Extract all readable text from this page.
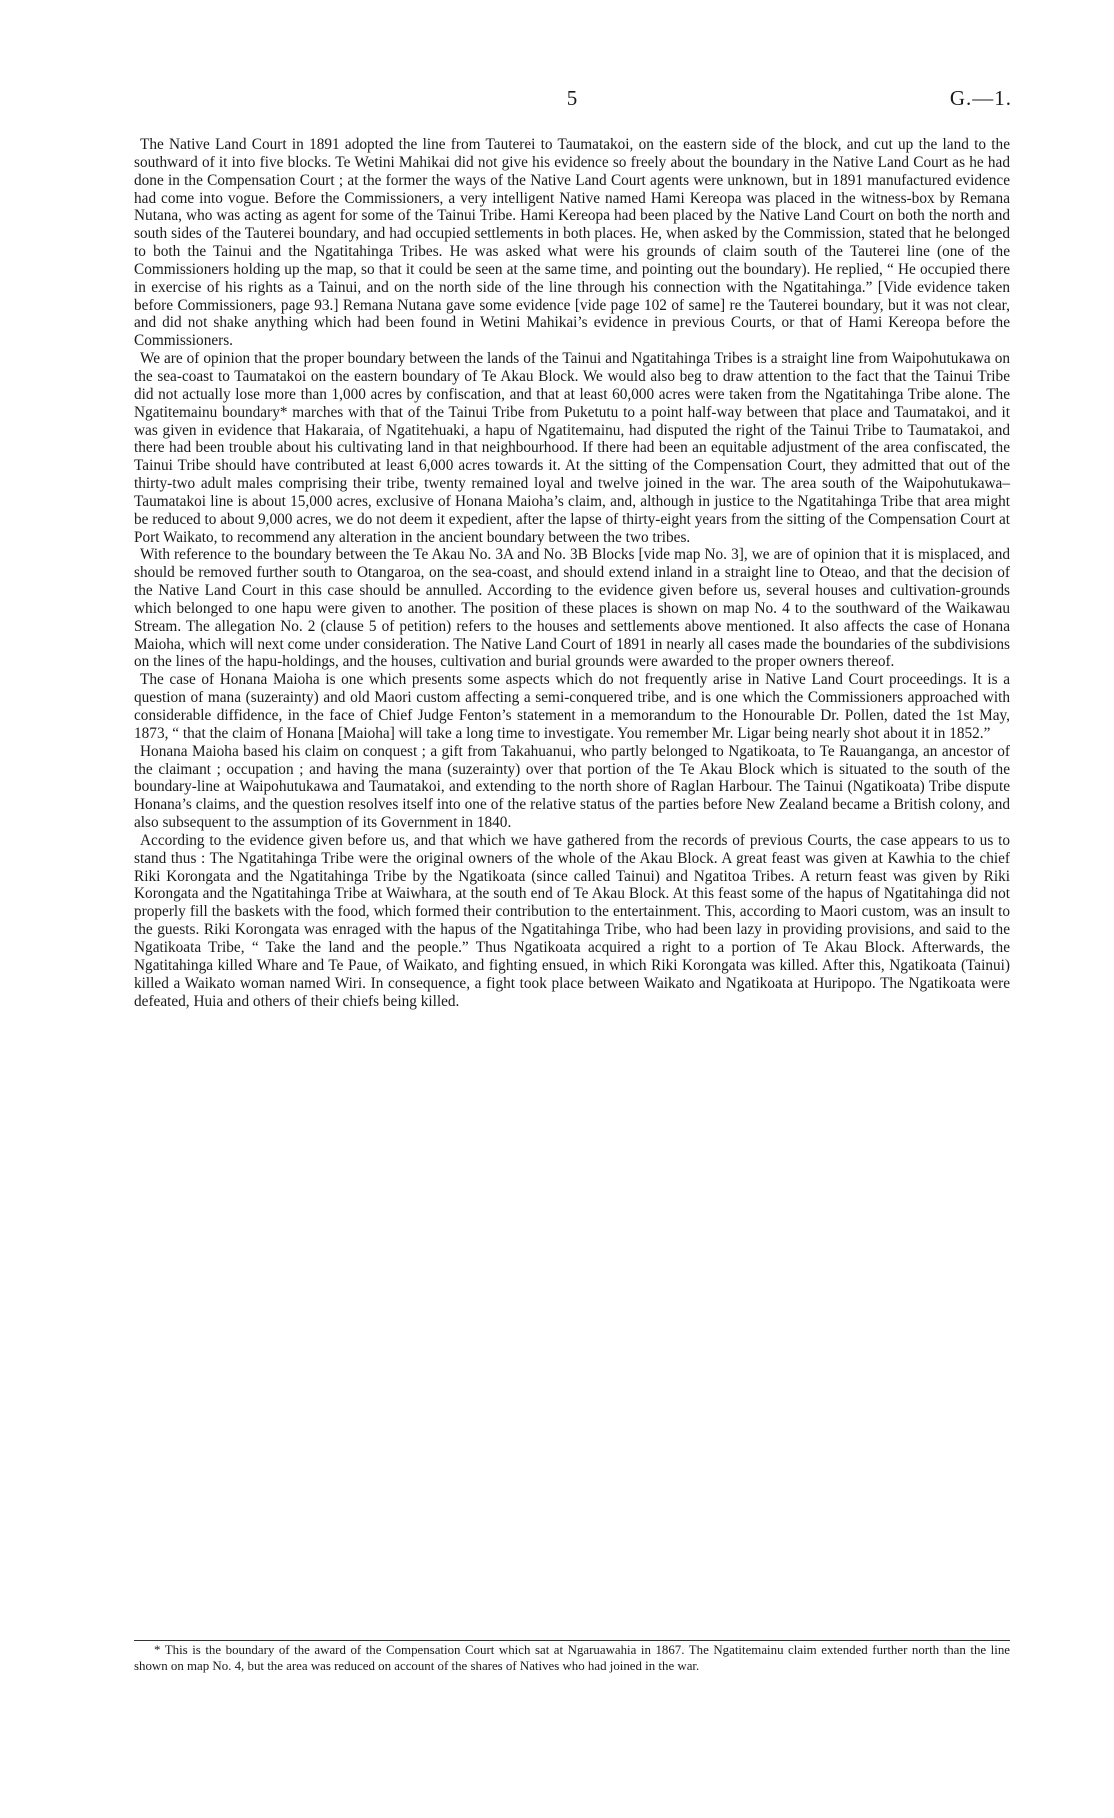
5	G.—1.

The Native Land Court in 1891 adopted the line from Tauterei to Taumatakoi, on the eastern side of the block, and cut up the land to the southward of it into five blocks. Te Wetini Mahikai did not give his evidence so freely about the boundary in the Native Land Court as he had done in the Compensation Court ; at the former the ways of the Native Land Court agents were unknown, but in 1891 manufactured evidence had come into vogue. Before the Commissioners, a very intelligent Native named Hami Kereopa was placed in the witness-box by Remana Nutana, who was acting as agent for some of the Tainui Tribe. Hami Kereopa had been placed by the Native Land Court on both the north and south sides of the Tauterei boundary, and had occupied settlements in both places. He, when asked by the Commission, stated that he belonged to both the Tainui and the Ngatitahinga Tribes. He was asked what were his grounds of claim south of the Tauterei line (one of the Commissioners holding up the map, so that it could be seen at the same time, and pointing out the boundary). He replied, “ He occupied there in exercise of his rights as a Tainui, and on the north side of the line through his connection with the Ngatitahinga.” [Vide evidence taken before Commissioners, page 93.] Remana Nutana gave some evidence [vide page 102 of same] re the Tauterei boundary, but it was not clear, and did not shake anything which had been found in Wetini Mahikai’s evidence in previous Courts, or that of Hami Kereopa before the Commissioners.

We are of opinion that the proper boundary between the lands of the Tainui and Ngatitahinga Tribes is a straight line from Waipohutukawa on the sea-coast to Taumatakoi on the eastern boundary of Te Akau Block. We would also beg to draw attention to the fact that the Tainui Tribe did not actually lose more than 1,000 acres by confiscation, and that at least 60,000 acres were taken from the Ngatitahinga Tribe alone. The Ngatitemainu boundary* marches with that of the Tainui Tribe from Puketutu to a point half-way between that place and Taumatakoi, and it was given in evidence that Hakaraia, of Ngatitehuaki, a hapu of Ngatitemainu, had disputed the right of the Tainui Tribe to Taumatakoi, and there had been trouble about his cultivating land in that neighbourhood. If there had been an equitable adjustment of the area confiscated, the Tainui Tribe should have contributed at least 6,000 acres towards it. At the sitting of the Compensation Court, they admitted that out of the thirty-two adult males comprising their tribe, twenty remained loyal and twelve joined in the war. The area south of the Waipohutukawa–Taumatakoi line is about 15,000 acres, exclusive of Honana Maioha’s claim, and, although in justice to the Ngatitahinga Tribe that area might be reduced to about 9,000 acres, we do not deem it expedient, after the lapse of thirty-eight years from the sitting of the Compensation Court at Port Waikato, to recommend any alteration in the ancient boundary between the two tribes.

With reference to the boundary between the Te Akau No. 3A and No. 3B Blocks [vide map No. 3], we are of opinion that it is misplaced, and should be removed further south to Otangaroa, on the sea-coast, and should extend inland in a straight line to Oteao, and that the decision of the Native Land Court in this case should be annulled. According to the evidence given before us, several houses and cultivation-grounds which belonged to one hapu were given to another. The position of these places is shown on map No. 4 to the southward of the Waikawau Stream. The allegation No. 2 (clause 5 of petition) refers to the houses and settlements above mentioned. It also affects the case of Honana Maioha, which will next come under consideration. The Native Land Court of 1891 in nearly all cases made the boundaries of the subdivisions on the lines of the hapu-holdings, and the houses, cultivation and burial grounds were awarded to the proper owners thereof.

The case of Honana Maioha is one which presents some aspects which do not frequently arise in Native Land Court proceedings. It is a question of mana (suzerainty) and old Maori custom affecting a semi-conquered tribe, and is one which the Commissioners approached with considerable diffidence, in the face of Chief Judge Fenton’s statement in a memorandum to the Honourable Dr. Pollen, dated the 1st May, 1873, “ that the claim of Honana [Maioha] will take a long time to investigate. You remember Mr. Ligar being nearly shot about it in 1852.”

Honana Maioha based his claim on conquest ; a gift from Takahuanui, who partly belonged to Ngatikoata, to Te Rauanganga, an ancestor of the claimant ; occupation ; and having the mana (suzerainty) over that portion of the Te Akau Block which is situated to the south of the boundary-line at Waipohutukawa and Taumatakoi, and extending to the north shore of Raglan Harbour. The Tainui (Ngatikoata) Tribe dispute Honana’s claims, and the question resolves itself into one of the relative status of the parties before New Zealand became a British colony, and also subsequent to the assumption of its Government in 1840.

According to the evidence given before us, and that which we have gathered from the records of previous Courts, the case appears to us to stand thus : The Ngatitahinga Tribe were the original owners of the whole of the Akau Block. A great feast was given at Kawhia to the chief Riki Korongata and the Ngatitahinga Tribe by the Ngatikoata (since called Tainui) and Ngatitoa Tribes. A return feast was given by Riki Korongata and the Ngatitahinga Tribe at Waiwhara, at the south end of Te Akau Block. At this feast some of the hapus of Ngatitahinga did not properly fill the baskets with the food, which formed their contribution to the entertainment. This, according to Maori custom, was an insult to the guests. Riki Korongata was enraged with the hapus of the Ngatitahinga Tribe, who had been lazy in providing provisions, and said to the Ngatikoata Tribe, “ Take the land and the people.” Thus Ngatikoata acquired a right to a portion of Te Akau Block. Afterwards, the Ngatitahinga killed Whare and Te Paue, of Waikato, and fighting ensued, in which Riki Korongata was killed. After this, Ngatikoata (Tainui) killed a Waikato woman named Wiri. In consequence, a fight took place between Waikato and Ngatikoata at Huripopo. The Ngatikoata were defeated, Huia and others of their chiefs being killed.

* This is the boundary of the award of the Compensation Court which sat at Ngaruawahia in 1867. The Ngatitemainu claim extended further north than the line shown on map No. 4, but the area was reduced on account of the shares of Natives who had joined in the war.
